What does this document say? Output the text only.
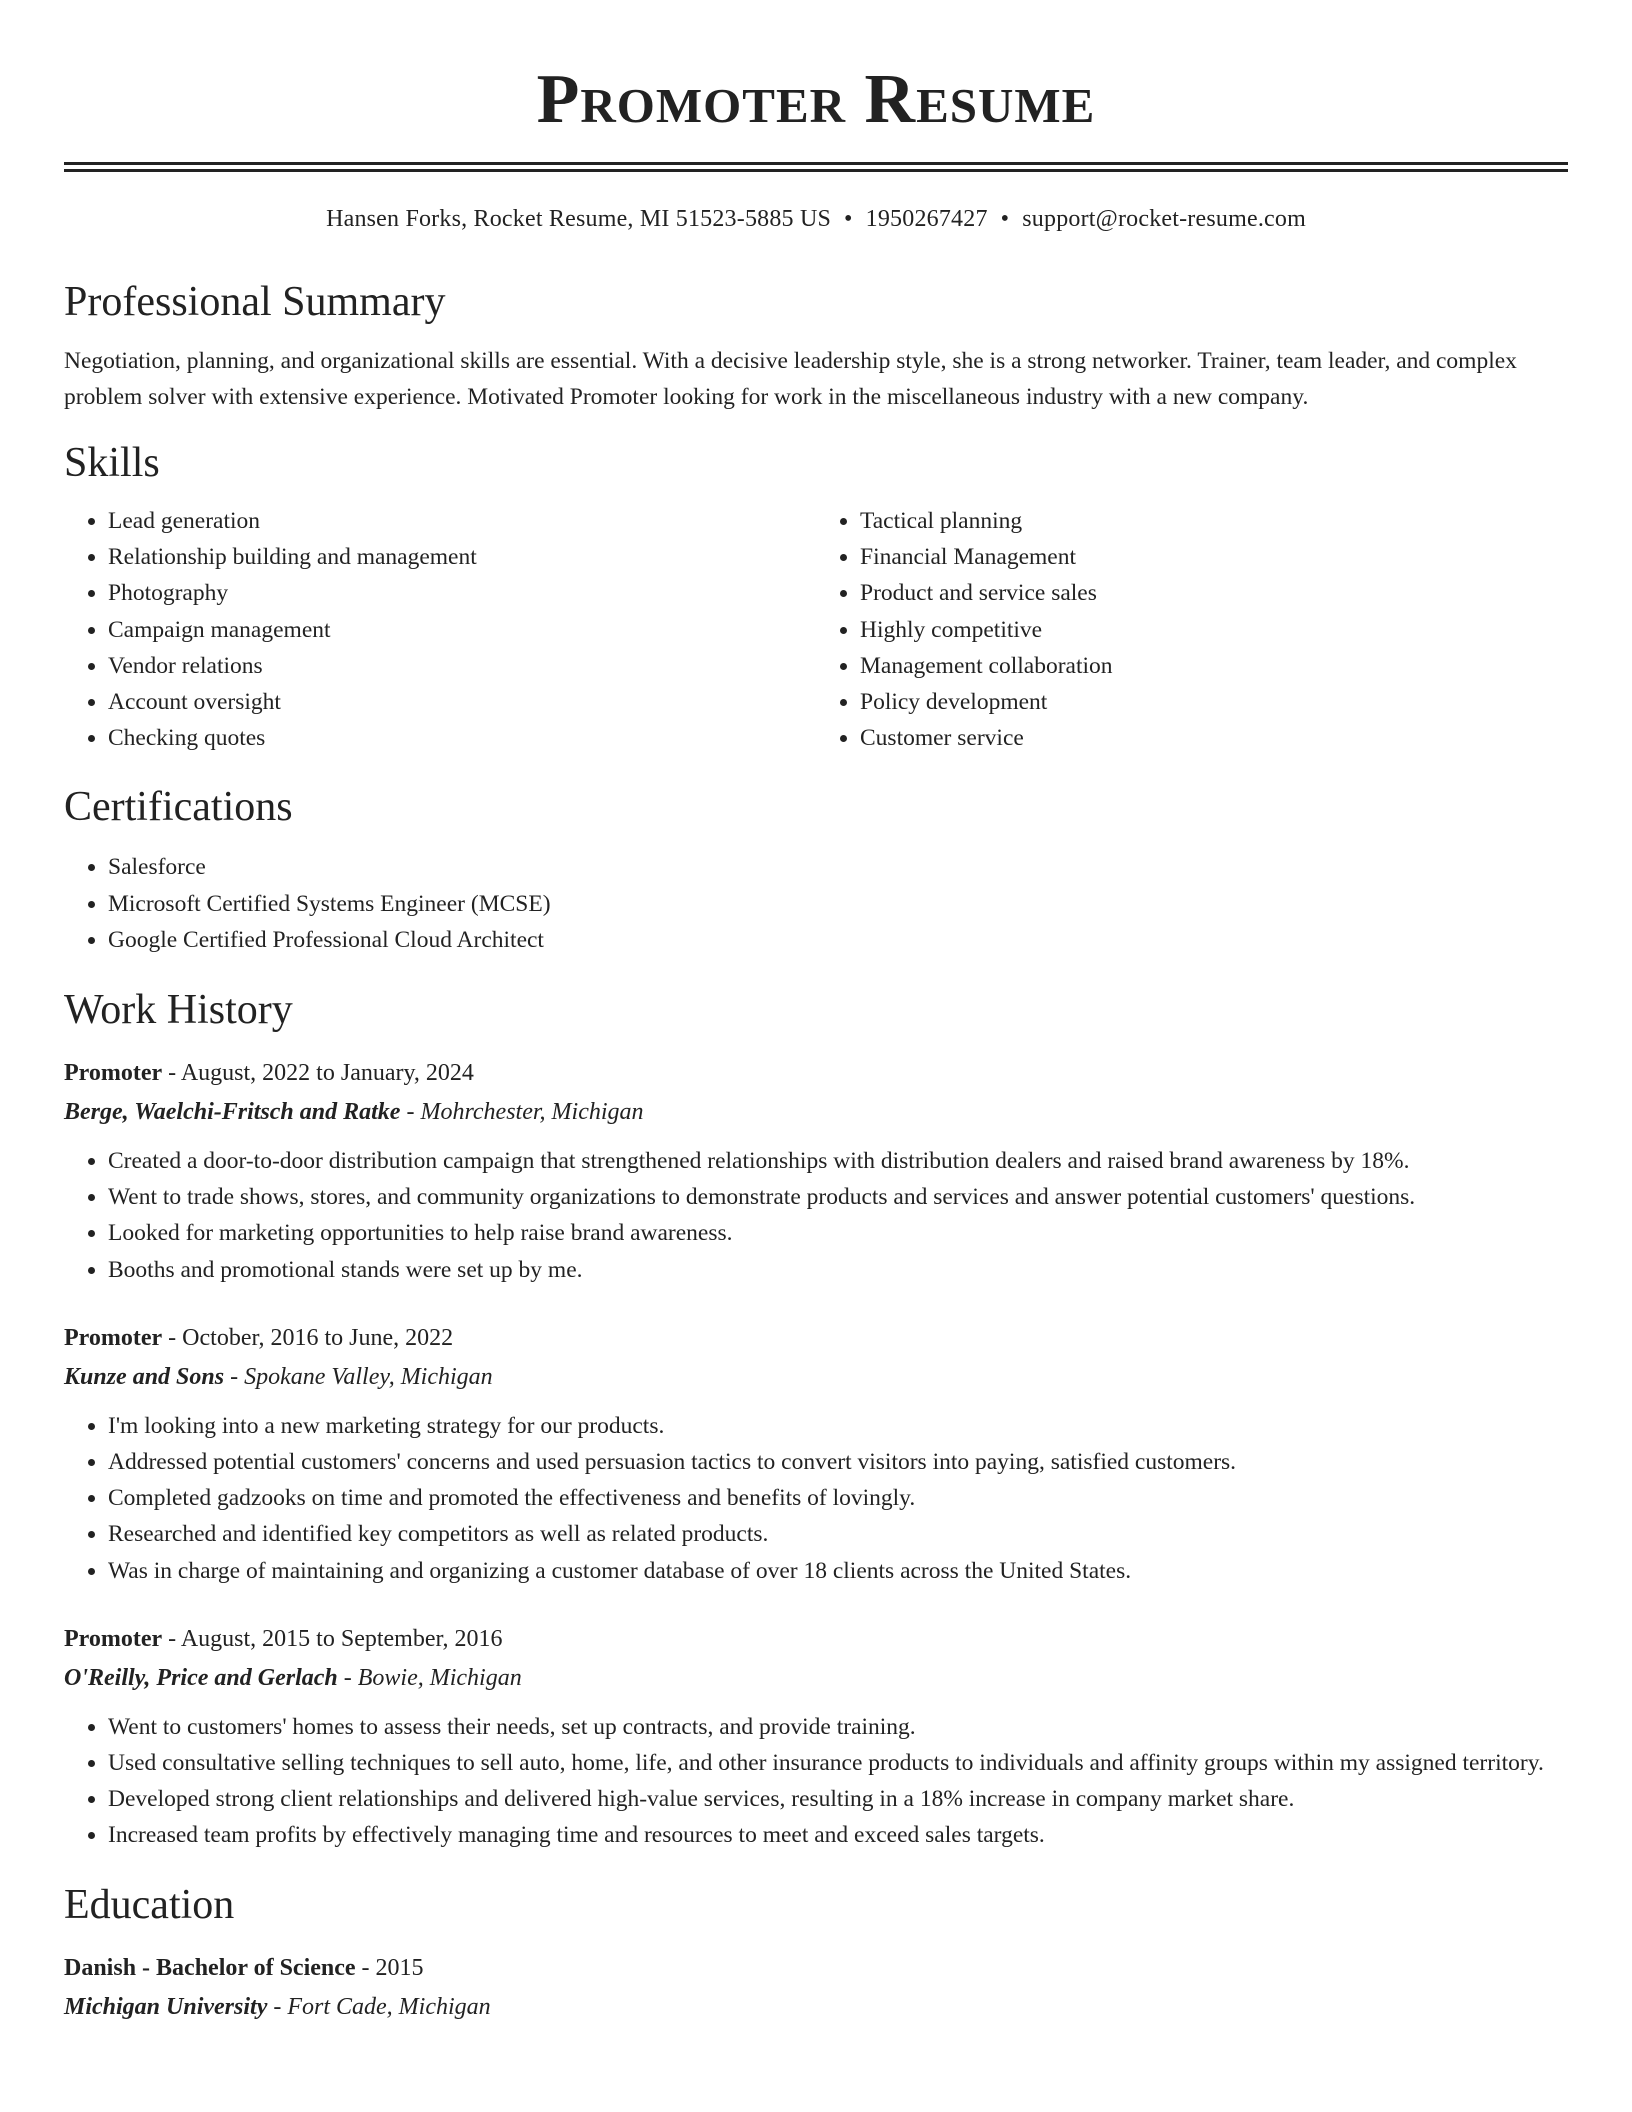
Promoter Resume
Hansen Forks, Rocket Resume, MI 51523-5885 US • 1950267427 • support@rocket-resume.com
Professional Summary
Negotiation, planning, and organizational skills are essential. With a decisive leadership style, she is a strong networker. Trainer, team leader, and complex problem solver with extensive experience. Motivated Promoter looking for work in the miscellaneous industry with a new company.
Skills
• Lead generation
• Relationship building and management
• Photography
• Campaign management
• Vendor relations
• Account oversight
• Checking quotes
• Tactical planning
• Financial Management
• Product and service sales
• Highly competitive
• Management collaboration
• Policy development
• Customer service
Certifications
• Salesforce
• Microsoft Certified Systems Engineer (MCSE)
• Google Certified Professional Cloud Architect
Work History
Promoter - August, 2022 to January, 2024
Berge, Waelchi-Fritsch and Ratke - Mohrchester, Michigan
• Created a door-to-door distribution campaign that strengthened relationships with distribution dealers and raised brand awareness by 18%.
• Went to trade shows, stores, and community organizations to demonstrate products and services and answer potential customers' questions.
• Looked for marketing opportunities to help raise brand awareness.
• Booths and promotional stands were set up by me.
Promoter - October, 2016 to June, 2022
Kunze and Sons - Spokane Valley, Michigan
• I'm looking into a new marketing strategy for our products.
• Addressed potential customers' concerns and used persuasion tactics to convert visitors into paying, satisfied customers.
• Completed gadzooks on time and promoted the effectiveness and benefits of lovingly.
• Researched and identified key competitors as well as related products.
• Was in charge of maintaining and organizing a customer database of over 18 clients across the United States.
Promoter - August, 2015 to September, 2016
O'Reilly, Price and Gerlach - Bowie, Michigan
• Went to customers' homes to assess their needs, set up contracts, and provide training.
• Used consultative selling techniques to sell auto, home, life, and other insurance products to individuals and affinity groups within my assigned territory.
• Developed strong client relationships and delivered high-value services, resulting in a 18% increase in company market share.
• Increased team profits by effectively managing time and resources to meet and exceed sales targets.
Education
Danish - Bachelor of Science - 2015
Michigan University - Fort Cade, Michigan
